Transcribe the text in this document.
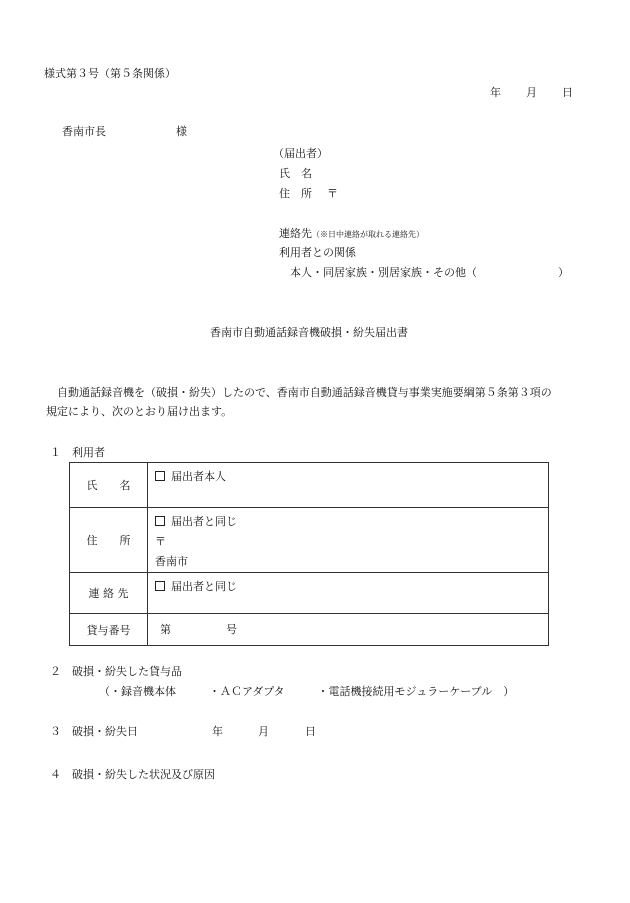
様式第３号（第５条関係）
年 月 日
香南市長	様
（届出者）
氏　名
住　所 〒
連絡先（※日中連絡が取れる連絡先）
利用者との関係
本人・同居家族・別居家族・その他（	）
香南市自動通話録音機破損・紛失届出書
自動通話録音機を（破損・紛失）したので、香南市自動通話録音機貸与事業実施要綱第５条第３項の
規定により、次のとおり届け出ます。
１　利用者
氏　　名	届出者本人

住　　所	届出者と同じ
〒
香南市

連 絡 先	届出者と同じ

貸与番号	第　　　　　号
２　破損・紛失した貸与品
（・録音機本体　　　・ＡＣアダプタ　　　・電話機接続用モジュラーケーブル　）
３　破損・紛失日	年	月	日
４　破損・紛失した状況及び原因
